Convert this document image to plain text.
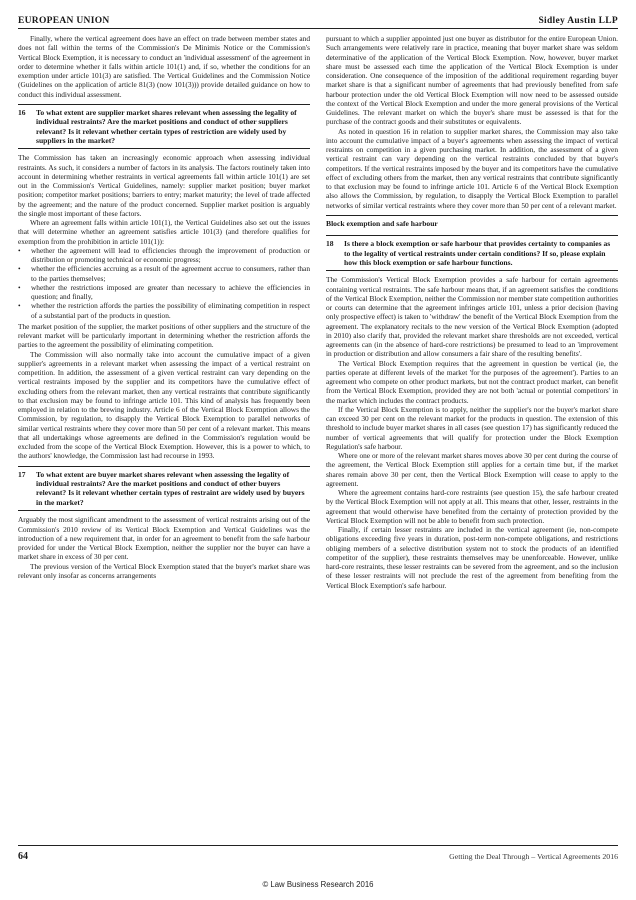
EUROPEAN UNION	Sidley Austin LLP

Finally, where the vertical agreement does have an effect on trade between member states and does not fall within the terms of the Commission's De Minimis Notice or the Commission's Vertical Block Exemption, it is necessary to conduct an 'individual assessment' of the agreement in order to determine whether it falls within article 101(1) and, if so, whether the conditions for an exemption under article 101(3) are satisfied. The Vertical Guidelines and the Commission Notice (Guidelines on the application of article 81(3) (now 101(3))) provide detailed guidance on how to conduct this individual assessment.

16	To what extent are supplier market shares relevant when assessing the legality of individual restraints? Are the market positions and conduct of other suppliers relevant? Is it relevant whether certain types of restriction are widely used by suppliers in the market?

The Commission has taken an increasingly economic approach when assessing individual restraints. As such, it considers a number of factors in its analysis. The factors routinely taken into account in determining whether restraints in vertical agreements fall within article 101(1) are set out in the Commission's Vertical Guidelines, namely: supplier market position; buyer market position; competitor market positions; barriers to entry; market maturity; the level of trade affected by the agreement; and the nature of the product concerned. Supplier market position is arguably the single most important of these factors.

Where an agreement falls within article 101(1), the Vertical Guidelines also set out the issues that will determine whether an agreement satisfies article 101(3) (and therefore qualifies for exemption from the prohibition in article 101(1)):

• whether the agreement will lead to efficiencies through the improvement of production or distribution or promoting technical or economic progress;
• whether the efficiencies accruing as a result of the agreement accrue to consumers, rather than to the parties themselves;
• whether the restrictions imposed are greater than necessary to achieve the efficiencies in question; and finally,
• whether the restriction affords the parties the possibility of eliminating competition in respect of a substantial part of the products in question.

The market position of the supplier, the market positions of other suppliers and the structure of the relevant market will be particularly important in determining whether the restriction affords the parties to the agreement the possibility of eliminating competition.

The Commission will also normally take into account the cumulative impact of a given supplier's agreements in a relevant market when assessing the impact of a vertical restraint on competition. In addition, the assessment of a given vertical restraint can vary depending on the vertical restraints imposed by the supplier and its competitors have the cumulative effect of excluding others from the relevant market, then any vertical restraints that contribute significantly to that exclusion may be found to infringe article 101. This kind of analysis has frequently been employed in relation to the brewing industry. Article 6 of the Vertical Block Exemption allows the Commission, by regulation, to disapply the Vertical Block Exemption to parallel networks of similar vertical restraints where they cover more than 50 per cent of a relevant market. This means that all undertakings whose agreements are defined in the Commission's regulation would be excluded from the scope of the Vertical Block Exemption. However, this is a power to which, to the authors' knowledge, the Commission last had recourse in 1993.

17	To what extent are buyer market shares relevant when assessing the legality of individual restraints? Are the market positions and conduct of other buyers relevant? Is it relevant whether certain types of restraint are widely used by buyers in the market?

Arguably the most significant amendment to the assessment of vertical restraints arising out of the Commission's 2010 review of its Vertical Block Exemption and Vertical Guidelines was the introduction of a new requirement that, in order for an agreement to benefit from the safe harbour provided for under the Vertical Block Exemption, neither the supplier nor the buyer can have a market share in excess of 30 per cent.

The previous version of the Vertical Block Exemption stated that the buyer's market share was relevant only insofar as concerns arrangements

pursuant to which a supplier appointed just one buyer as distributor for the entire European Union. Such arrangements were relatively rare in practice, meaning that buyer market share was seldom determinative of the application of the Vertical Block Exemption. Now, however, buyer market share must be assessed each time the application of the Vertical Block Exemption is under consideration. One consequence of the imposition of the additional requirement regarding buyer market share is that a significant number of agreements that had previously benefited from safe harbour protection under the old Vertical Block Exemption will now need to be assessed outside the context of the Vertical Block Exemption and under the more general provisions of the Vertical Guidelines. The relevant market on which the buyer's share must be assessed is that for the purchase of the contract goods and their substitutes or equivalents.

As noted in question 16 in relation to supplier market shares, the Commission may also take into account the cumulative impact of a buyer's agreements when assessing the impact of vertical restraints on competition in a given purchasing market. In addition, the assessment of a given vertical restraint can vary depending on the vertical restraints concluded by that buyer's competitors. If the vertical restraints imposed by the buyer and its competitors have the cumulative effect of excluding others from the market, then any vertical restraints that contribute significantly to that exclusion may be found to infringe article 101. Article 6 of the Vertical Block Exemption also allows the Commission, by regulation, to disapply the Vertical Block Exemption to parallel networks of similar vertical restraints where they cover more than 50 per cent of a relevant market.

Block exemption and safe harbour
18	Is there a block exemption or safe harbour that provides certainty to companies as to the legality of vertical restraints under certain conditions? If so, please explain how this block exemption or safe harbour functions.

The Commission's Vertical Block Exemption provides a safe harbour for certain agreements containing vertical restraints. The safe harbour means that, if an agreement satisfies the conditions of the Vertical Block Exemption, neither the Commission nor member state competition authorities or courts can determine that the agreement infringes article 101, unless a prior decision (having only prospective effect) is taken to 'withdraw' the benefit of the Vertical Block Exemption from the agreement. The explanatory recitals to the new version of the Vertical Block Exemption (adopted in 2010) also clarify that, provided the relevant market share thresholds are not exceeded, vertical agreements can (in the absence of hard-core restrictions) be presumed to lead to an 'improvement in production or distribution and allow consumers a fair share of the resulting benefits'.

The Vertical Block Exemption requires that the agreement in question be vertical (ie, the parties operate at different levels of the market 'for the purposes of the agreement'). Parties to an agreement who compete on other product markets, but not the contract product market, can benefit from the Vertical Block Exemption, provided they are not both 'actual or potential competitors' in the market which includes the contract products.

If the Vertical Block Exemption is to apply, neither the supplier's nor the buyer's market share can exceed 30 per cent on the relevant market for the products in question. The extension of this threshold to include buyer market shares in all cases (see question 17) has significantly reduced the number of vertical agreements that will qualify for protection under the Block Exemption Regulation's safe harbour.

Where one or more of the relevant market shares moves above 30 per cent during the course of the agreement, the Vertical Block Exemption still applies for a certain time but, if the market shares remain above 30 per cent, then the Vertical Block Exemption will cease to apply to the agreement.

Where the agreement contains hard-core restraints (see question 15), the safe harbour created by the Vertical Block Exemption will not apply at all. This means that other, lesser, restraints in the agreement that would otherwise have benefited from the certainty of protection provided by the Vertical Block Exemption will not be able to benefit from such protection.

Finally, if certain lesser restraints are included in the vertical agreement (ie, non-compete obligations exceeding five years in duration, post-term non-compete obligations, and restrictions obliging members of a selective distribution system not to stock the products of an identified competitor of the supplier), these restraints themselves may be unenforceable. However, unlike hard-core restraints, these lesser restraints can be severed from the agreement, and so the inclusion of these lesser restraints will not preclude the rest of the agreement from benefiting from the Vertical Block Exemption's safe harbour.

64	Getting the Deal Through – Vertical Agreements 2016
© Law Business Research 2016
